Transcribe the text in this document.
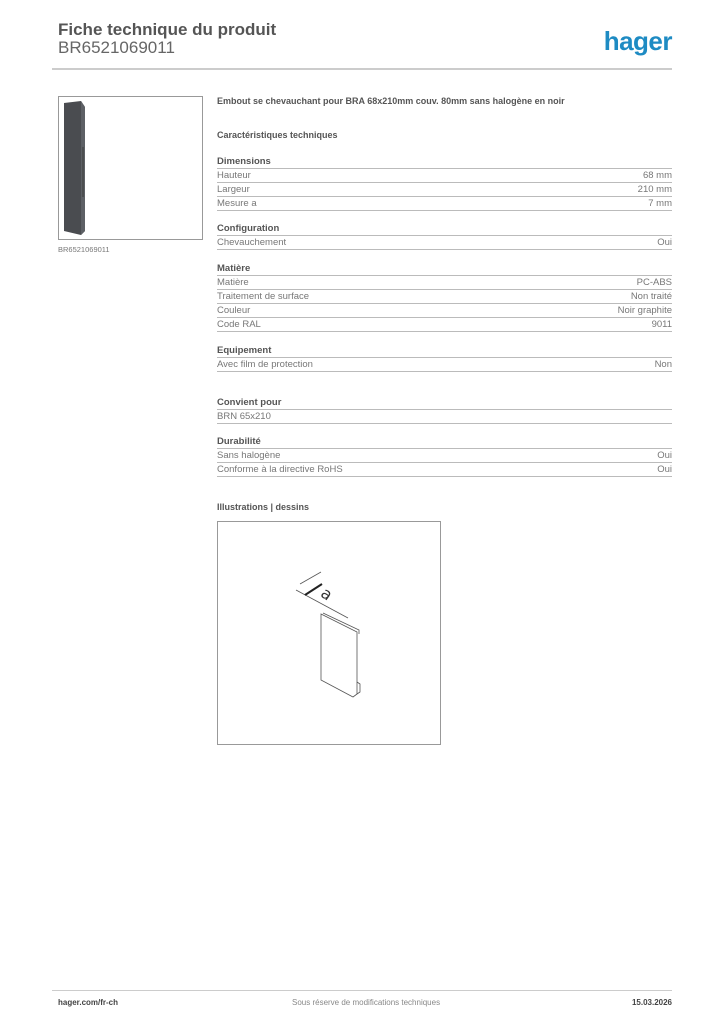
Fiche technique du produit
BR6521069011	hager
BR6521069011
Embout se chevauchant pour BRA 68x210mm couv. 80mm sans halogène en noir
Caractéristiques techniques
Dimensions
Hauteur	68 mm
Largeur	210 mm
Mesure a	7 mm
Configuration
Chevauchement	Oui
Matière
Matière	PC-ABS
Traitement de surface	Non traité
Couleur	Noir graphite
Code RAL	9011
Equipement
Avec film de protection	Non
Convient pour
BRN 65x210
Durabilité
Sans halogène	Oui
Conforme à la directive RoHS	Oui
Illustrations | dessins
a
hager.com/fr-ch	Sous réserve de modifications techniques	15.03.2026
